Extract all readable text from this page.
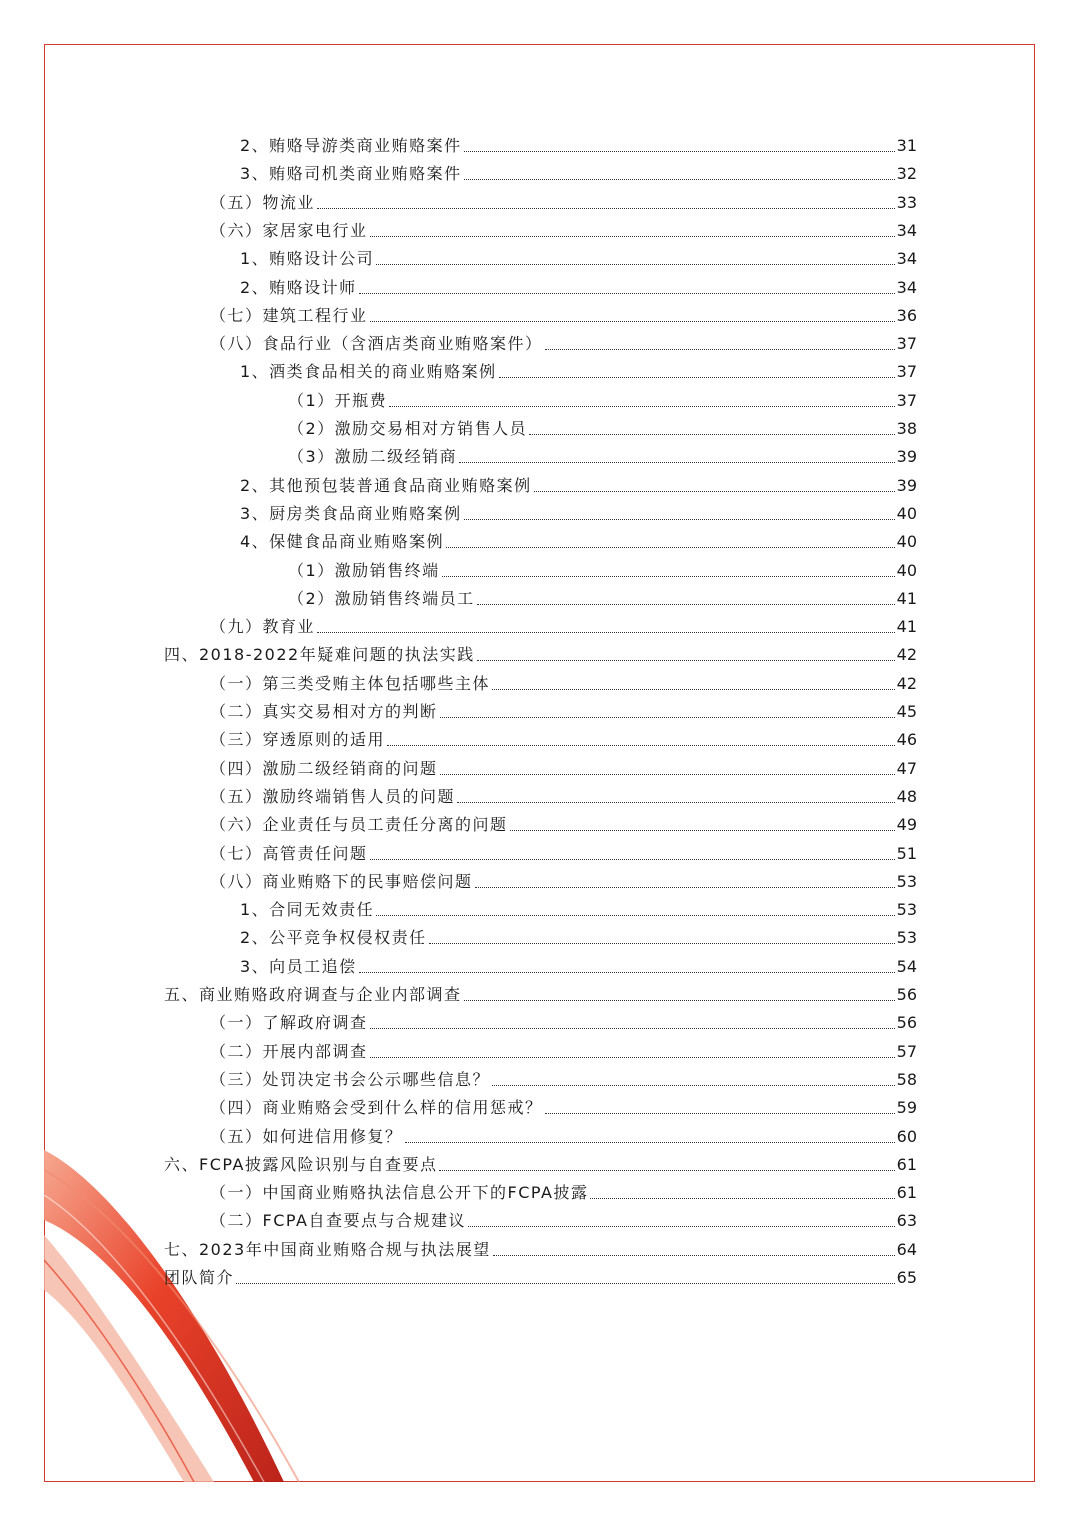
2、贿赂导游类商业贿赂案件	31
3、贿赂司机类商业贿赂案件	32
（五）物流业	33
（六）家居家电行业	34
1、贿赂设计公司	34
2、贿赂设计师	34
（七）建筑工程行业	36
（八）食品行业（含酒店类商业贿赂案件）	37
1、酒类食品相关的商业贿赂案例	37
（1）开瓶费	37
（2）激励交易相对方销售人员	38
（3）激励二级经销商	39
2、其他预包装普通食品商业贿赂案例	39
3、厨房类食品商业贿赂案例	40
4、保健食品商业贿赂案例	40
（1）激励销售终端	40
（2）激励销售终端员工	41
（九）教育业	41
四、2018-2022年疑难问题的执法实践	42
（一）第三类受贿主体包括哪些主体	42
（二）真实交易相对方的判断	45
（三）穿透原则的适用	46
（四）激励二级经销商的问题	47
（五）激励终端销售人员的问题	48
（六）企业责任与员工责任分离的问题	49
（七）高管责任问题	51
（八）商业贿赂下的民事赔偿问题	53
1、合同无效责任	53
2、公平竞争权侵权责任	53
3、向员工追偿	54
五、商业贿赂政府调查与企业内部调查	56
（一）了解政府调查	56
（二）开展内部调查	57
（三）处罚决定书会公示哪些信息？	58
（四）商业贿赂会受到什么样的信用惩戒？	59
（五）如何进信用修复？	60
六、FCPA披露风险识别与自查要点	61
（一）中国商业贿赂执法信息公开下的FCPA披露	61
（二）FCPA自查要点与合规建议	63
七、2023年中国商业贿赂合规与执法展望	64
团队简介	65
